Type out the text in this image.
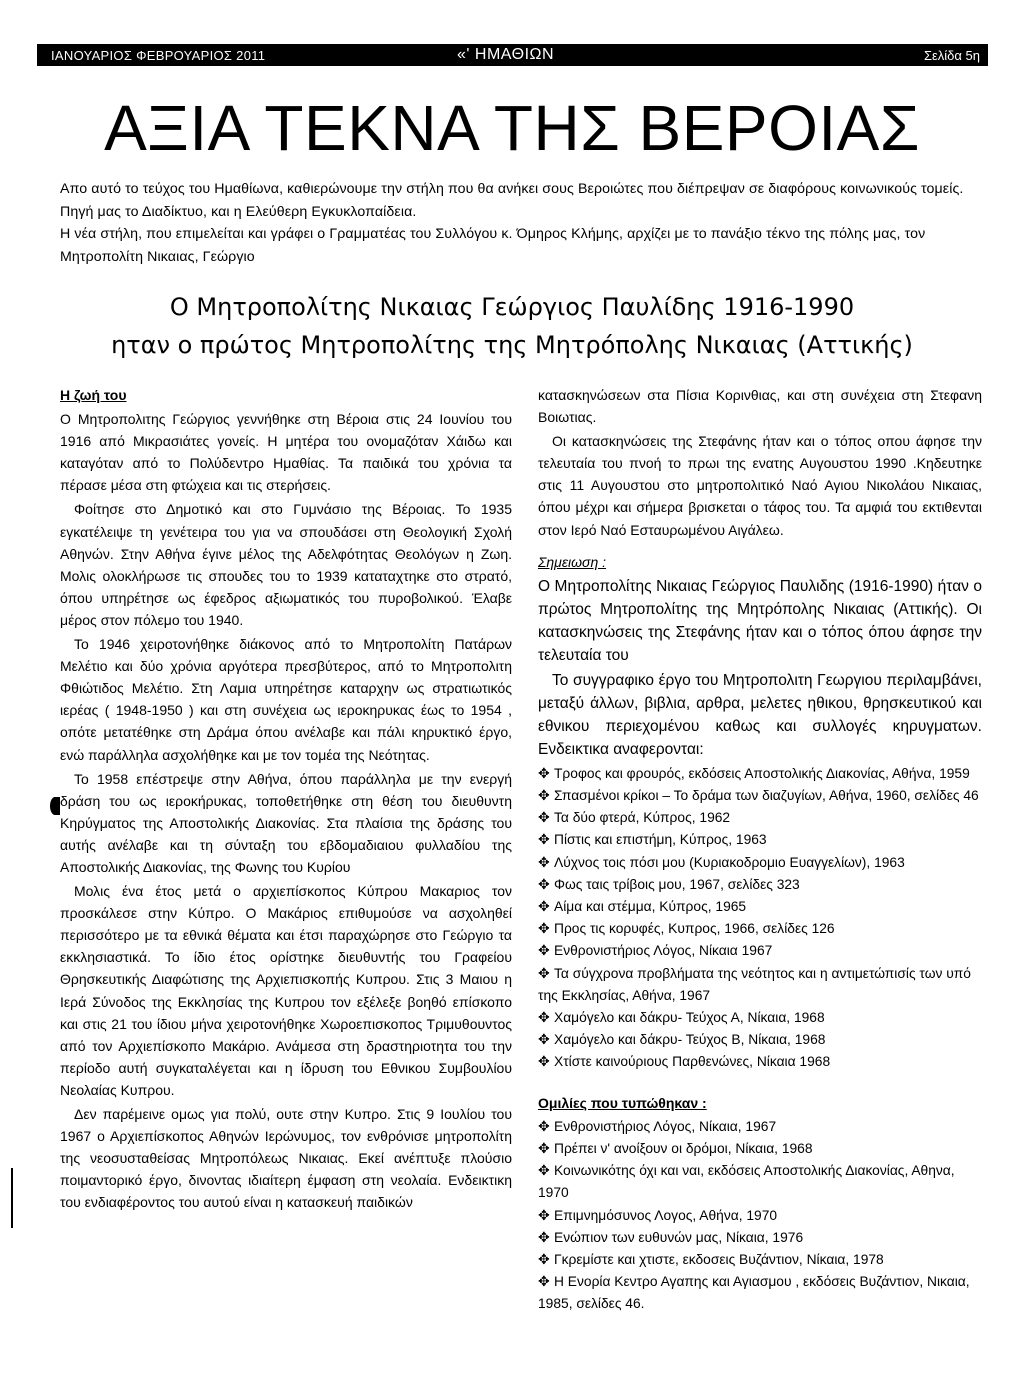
ΙΑΝΟΥΑΡΙΟΣ ΦΕΒΡΟΥΑΡΙΟΣ 2011	«' ΗΜΑΘΙΩΝ	Σελίδα 5η
ΑΞΙΑ ΤΕΚΝΑ ΤΗΣ ΒΕΡΟΙΑΣ

Απο αυτό το τεύχος του Ημαθίωνα, καθιερώνουμε την στήλη που θα ανήκει σους Βεροιώτες που διέπρεψαν σε διαφόρους κοινωνικούς τομείς. Πηγή μας το Διαδίκτυο, και η Ελεύθερη Εγκυκλοπαίδεια.

Η νέα στήλη, που επιμελείται και γράφει ο Γραμματέας του Συλλόγου κ. Όμηρος Κλήμης, αρχίζει με το πανάξιο τέκνο της πόλης μας, τον Μητροπολίτη Νικαιας, Γεώργιο

Ο Μητροπολίτης Νικαιας Γεώργιος Παυλίδης 1916-1990
ηταν ο πρώτος Μητροπολίτης της Μητρόπολης Νικαιας (Αττικής)

Η ζωή του

Ο Μητροπολιτης Γεώργιος γεννήθηκε στη Βέροια στις 24 Ιουνίου του 1916 από Μικρασιάτες γονείς. Η μητέρα του ονομαζόταν Χάιδω και καταγόταν από το Πολύδεντρο Ημαθίας. Τα παιδικά του χρόνια τα πέρασε μέσα στη φτώχεια και τις στερήσεις.

Φοίτησε στο Δημοτικό και στο Γυμνάσιο της Βέροιας. Το 1935 εγκατέλειψε τη γενέτειρα του για να σπουδάσει στη Θεολογική Σχολή Αθηνών. Στην Αθήνα έγινε μέλος της Αδελφότητας Θεολόγων η Ζωη. Μολις ολοκλήρωσε τις σπουδες του το 1939 καταταχτηκε στο στρατό, όπου υπηρέτησε ως έφεδρος αξιωματικός του πυροβολικού. Έλαβε μέρος στον πόλεμο του 1940.

Το 1946 χειροτονήθηκε διάκονος από το Μητροπολίτη Πατάρων Μελέτιο και δύο χρόνια αργότερα πρεσβύτερος, από το Μητροπολιτη Φθιώτιδος Μελέτιο. Στη Λαμια υπηρέτησε καταρχην ως στρατιωτικός ιερέας ( 1948-1950 ) και στη συνέχεια ως ιεροκηρυκας έως το 1954 , οπότε μετατέθηκε στη Δράμα όπου ανέλαβε και πάλι κηρυκτικό έργο, ενώ παράλληλα ασχολήθηκε και με τον τομέα της Νεότητας.

Το 1958 επέστρεψε στην Αθήνα, όπου παράλληλα με την ενεργή δράση του ως ιεροκήρυκας, τοποθετήθηκε στη θέση του διευθυντη Κηρύγματος της Αποστολικής Διακονίας. Στα πλαίσια της δράσης του αυτής ανέλαβε και τη σύνταξη του εβδομαδιαιου φυλλαδίου της Αποστολικής Διακονίας, της Φωνης του Κυρίου

Μολις ένα έτος μετά ο αρχιεπίσκοπος Κύπρου Μακαριος τον προσκάλεσε στην Κύπρο. Ο Μακάριος επιθυμούσε να ασχοληθεί περισσότερο με τα εθνικά θέματα και έτσι παραχώρησε στο Γεώργιο τα εκκλησιαστικά. Το ίδιο έτος ορίστηκε διευθυντής του Γραφείου Θρησκευτικής Διαφώτισης της Αρχιεπισκοπής Κυπρου. Στις 3 Μαιου η Ιερά Σύνοδος της Εκκλησίας της Κυπρου τον εξέλεξε βοηθό επίσκοπο και στις 21 του ίδιου μήνα χειροτονήθηκε Χωροεπισκοπος Τριμυθουντος από τον Αρχιεπίσκοπο Μακάριο. Ανάμεσα στη δραστηριοτητα του την περίοδο αυτή συγκαταλέγεται και η ίδρυση του Εθνικου Συμβουλίου Νεολαίας Κυπρου.

Δεν παρέμεινε ομως για πολύ, ουτε στην Κυπρο. Στις 9 Ιουλίου του 1967 ο Αρχιεπίσκοπος Αθηνών Ιερώνυμος, τον ενθρόνισε μητροπολίτη της νεοσυσταθείσας Μητροπόλεως Νικαιας. Εκεί ανέπτυξε πλούσιο ποιμαντορικό έργο, δινοντας ιδιαίτερη έμφαση στη νεολαία. Ενδεικτικη του ενδιαφέροντος του αυτού είναι η κατασκευή παιδικών

κατασκηνώσεων στα Πίσια Κορινθιας, και στη συνέχεια στη Στεφανη Βοιωτιας.

Οι κατασκηνώσεις της Στεφάνης ήταν και ο τόπος οπου άφησε την τελευταία του πνοή το πρωι της ενατης Αυγουστου 1990 .Κηδευτηκε στις 11 Αυγουστου στο μητροπολιτικό Ναό Αγιου Νικολάου Νικαιας, όπου μέχρι και σήμερα βρισκεται ο τάφος του. Τα αμφιά του εκτιθενται στον Ιερό Ναό Εσταυρωμένου Αιγάλεω.

Σημειωση :

Ο Μητροπολίτης Νικαιας Γεώργιος Παυλιδης (1916-1990) ήταν ο πρώτος Μητροπολίτης της Μητρόπολης Νικαιας (Αττικής). Οι κατασκηνώσεις της Στεφάνης ήταν και ο τόπος όπου άφησε την τελευταία του

Το συγγραφικο έργο του Μητροπολιτη Γεωργιου περιλαμβάνει, μεταξύ άλλων, βιβλια, αρθρα, μελετες ηθικου, θρησκευτικού και εθνικου περιεχομένου καθως και συλλογές κηρυγματων. Ενδεικτικα αναφερονται:

✥ Τροφος και φρουρός, εκδόσεις Αποστολικής Διακονίας, Αθήνα, 1959
✥ Σπασμένοι κρίκοι – Το δράμα των διαζυγίων, Αθήνα, 1960, σελίδες 46
✥ Τα δύο φτερά, Κύπρος, 1962
✥ Πίστις και επιστήμη, Κύπρος, 1963
✥ Λύχνος τοις πόσι μου (Κυριακοδρομιο Ευαγγελίων), 1963
✥ Φως ταις τρίβοις μου, 1967, σελίδες 323
✥ Αίμα και στέμμα, Κύπρος, 1965
✥ Προς τις κορυφές, Κυπρος, 1966, σελίδες 126
✥ Ενθρονιστήριος Λόγος, Νίκαια 1967
✥ Τα σύγχρονα προβλήματα της νεότητος και η αντιμετώπισίς των υπό της Εκκλησίας, Αθήνα, 1967
✥ Χαμόγελο και δάκρυ- Τεύχος Α, Νίκαια, 1968
✥ Χαμόγελο και δάκρυ- Τεύχος Β, Νίκαια, 1968
✥ Χτίστε καινούριους Παρθενώνες, Νίκαια 1968

Ομιλίες που τυπώθηκαν :

✥ Ενθρονιστήριος Λόγος, Νίκαια, 1967
✥ Πρέπει ν' ανοίξουν οι δρόμοι, Νίκαια, 1968
✥ Κοινωνικότης όχι και ναι, εκδόσεις Αποστολικής Διακονίας, Αθηνα, 1970
✥ Επιμνημόσυνος Λογος, Αθήνα, 1970
✥ Ενώπιον των ευθυνών μας, Νίκαια, 1976
✥ Γκρεμίστε και χτιστε, εκδοσεις Βυζάντιον, Νίκαια, 1978
✥ Η Ενορία Κεντρο Αγαπης και Αγιασμου , εκδόσεις Βυζάντιον, Νικαια, 1985, σελίδες 46.
